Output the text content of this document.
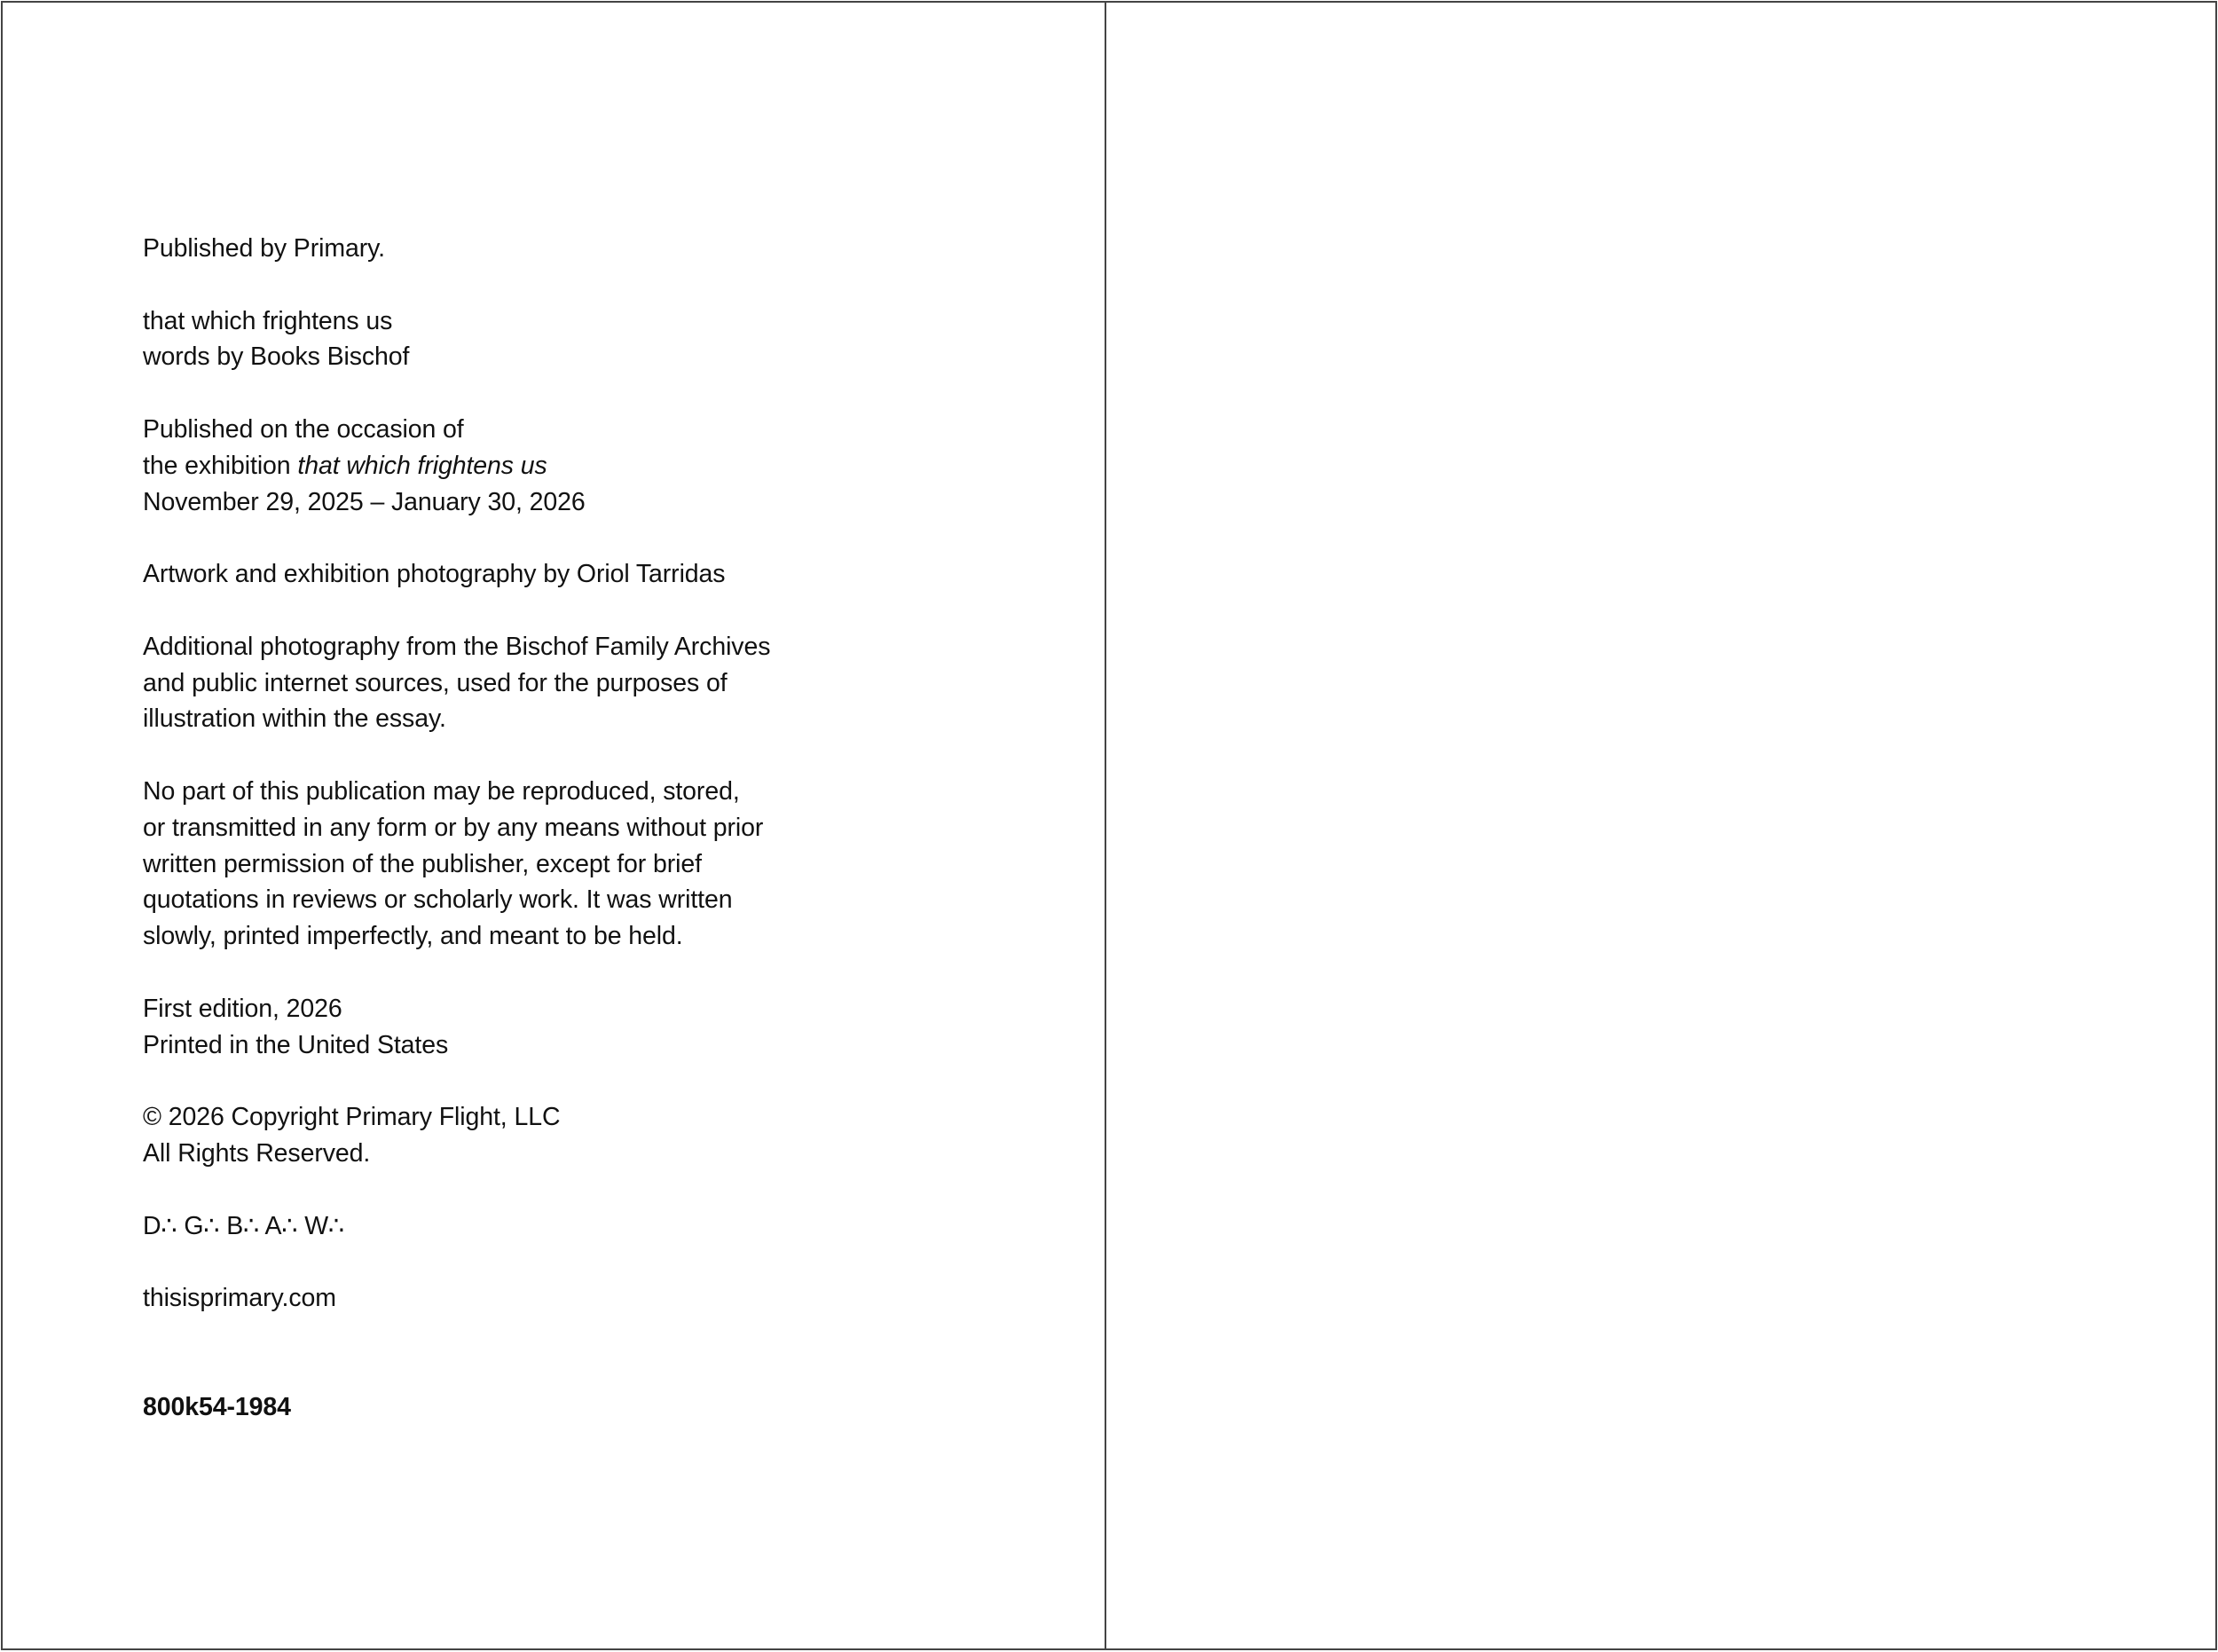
Published by Primary.

that which frightens us

words by Books Bischof

Published on the occasion of

the exhibition that which frightens us

November 29, 2025 – January 30, 2026

Artwork and exhibition photography by Oriol Tarridas

Additional photography from the Bischof Family Archives

and public internet sources, used for the purposes of

illustration within the essay.

No part of this publication may be reproduced, stored,

or transmitted in any form or by any means without prior

written permission of the publisher, except for brief

quotations in reviews or scholarly work. It was written

slowly, printed imperfectly, and meant to be held.

First edition, 2026

Printed in the United States

© 2026 Copyright Primary Flight, LLC

All Rights Reserved.

D∴ G∴ B∴ A∴ W∴

thisisprimary.com

800k54-1984
